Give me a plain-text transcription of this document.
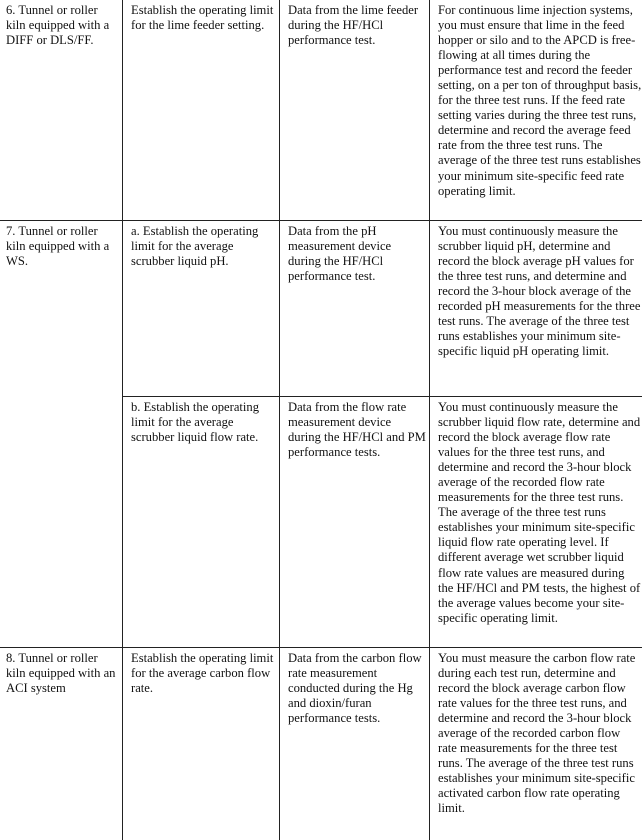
6. Tunnel or roller kiln equipped with a DIFF or DLS/FF.	Establish the operating limit for the lime feeder setting.	Data from the lime feeder during the HF/HCl performance test.	For continuous lime injection systems, you must ensure that lime in the feed hopper or silo and to the APCD is free-flowing at all times during the performance test and record the feeder setting, on a per ton of throughput basis, for the three test runs. If the feed rate setting varies during the three test runs, determine and record the average feed rate from the three test runs. The average of the three test runs establishes your minimum site-specific feed rate operating limit.
7. Tunnel or roller kiln equipped with a WS.	a. Establish the operating limit for the average scrubber liquid pH.	Data from the pH measurement device during the HF/HCl performance test.	You must continuously measure the scrubber liquid pH, determine and record the block average pH values for the three test runs, and determine and record the 3-hour block average of the recorded pH measurements for the three test runs. The average of the three test runs establishes your minimum site-specific liquid pH operating limit.
	b. Establish the operating limit for the average scrubber liquid flow rate.	Data from the flow rate measurement device during the HF/HCl and PM performance tests.	You must continuously measure the scrubber liquid flow rate, determine and record the block average flow rate values for the three test runs, and determine and record the 3-hour block average of the recorded flow rate measurements for the three test runs. The average of the three test runs establishes your minimum site-specific liquid flow rate operating level. If different average wet scrubber liquid flow rate values are measured during the HF/HCl and PM tests, the highest of the average values become your site-specific operating limit.
8. Tunnel or roller kiln equipped with an ACI system	Establish the operating limit for the average carbon flow rate.	Data from the carbon flow rate measurement conducted during the Hg and dioxin/furan performance tests.	You must measure the carbon flow rate during each test run, determine and record the block average carbon flow rate values for the three test runs, and determine and record the 3-hour block average of the recorded carbon flow rate measurements for the three test runs. The average of the three test runs establishes your minimum site-specific activated carbon flow rate operating limit.
